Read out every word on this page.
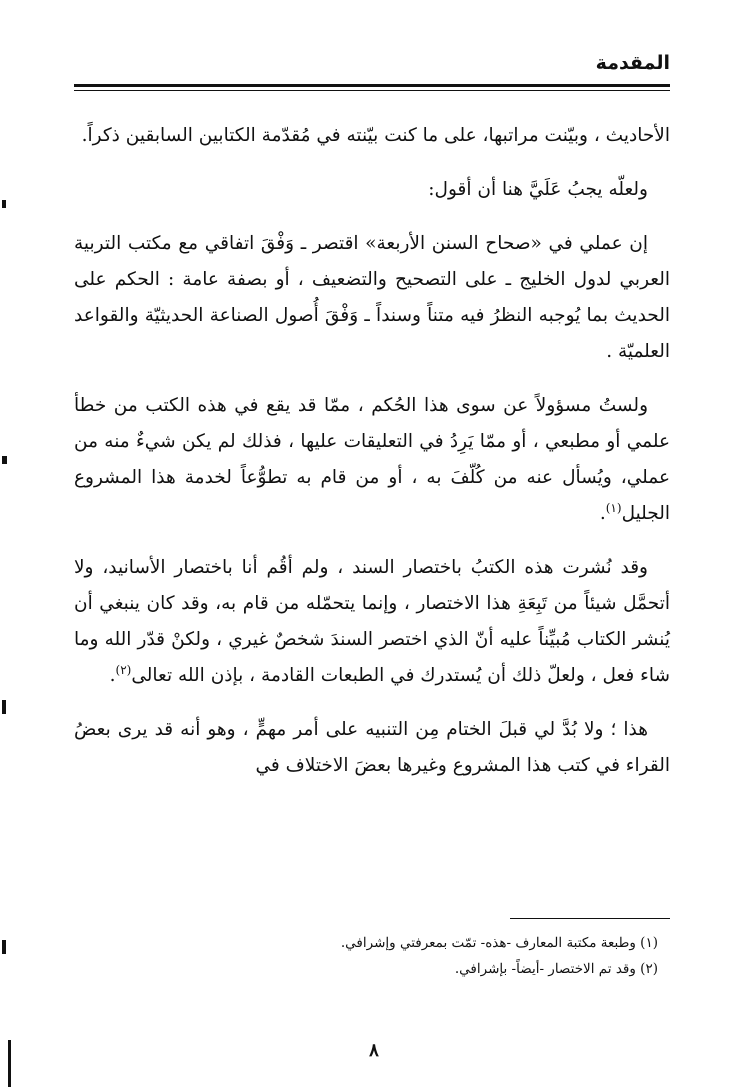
المقدمة

الأحاديث ، وبيّنت مراتبها، على ما كنت بيّنته في مُقدّمة الكتابين السابقين ذكراً.

ولعلّه يجبُ عَلَيَّ هنا أن أقول:

إن عملي في «صحاح السنن الأربعة» اقتصر ـ وَفْقَ اتفاقي مع مكتب التربية العربي لدول الخليج ـ على التصحيح والتضعيف ، أو بصفة عامة : الحكم على الحديث بما يُوجبه النظرُ فيه متناً وسنداً ـ وَفْقَ أُصول الصناعة الحديثيّة والقواعد العلميّة .

ولستُ مسؤولاً عن سوى هذا الحُكم ، ممّا قد يقع في هذه الكتب من خطأ علمي أو مطبعي ، أو ممّا يَرِدُ في التعليقات عليها ، فذلك لم يكن شيءٌ منه من عملي، ويُسأل عنه من كُلّفَ به ، أو من قام به تطوُّعاً لخدمة هذا المشروع الجليل$^{(١)}$.

وقد نُشرت هذه الكتبُ باختصار السند ، ولم أقُم أنا باختصار الأسانيد، ولا أتحمَّل شيئاً من تَبِعَةِ هذا الاختصار ، وإنما يتحمّله من قام به، وقد كان ينبغي أن يُنشر الكتاب مُبيِّناً عليه أنّ الذي اختصر السندَ شخصٌ غيري ، ولكنْ قدّر الله وما شاء فعل ، ولعلّ ذلك أن يُستدرك في الطبعات القادمة ، بإذن الله تعالى$^{(٢)}$.

هذا ؛ ولا بُدَّ لي قبلَ الختام مِن التنبيه على أمر مهمٍّ ، وهو أنه قد يرى بعضُ القراء في كتب هذا المشروع وغيرها بعضَ الاختلاف في

(١) وطبعة مكتبة المعارف -هذه- تمّت بمعرفتي وإشرافي.

(٢) وقد تم الاختصار -أيضاً- بإشرافي.

٨
